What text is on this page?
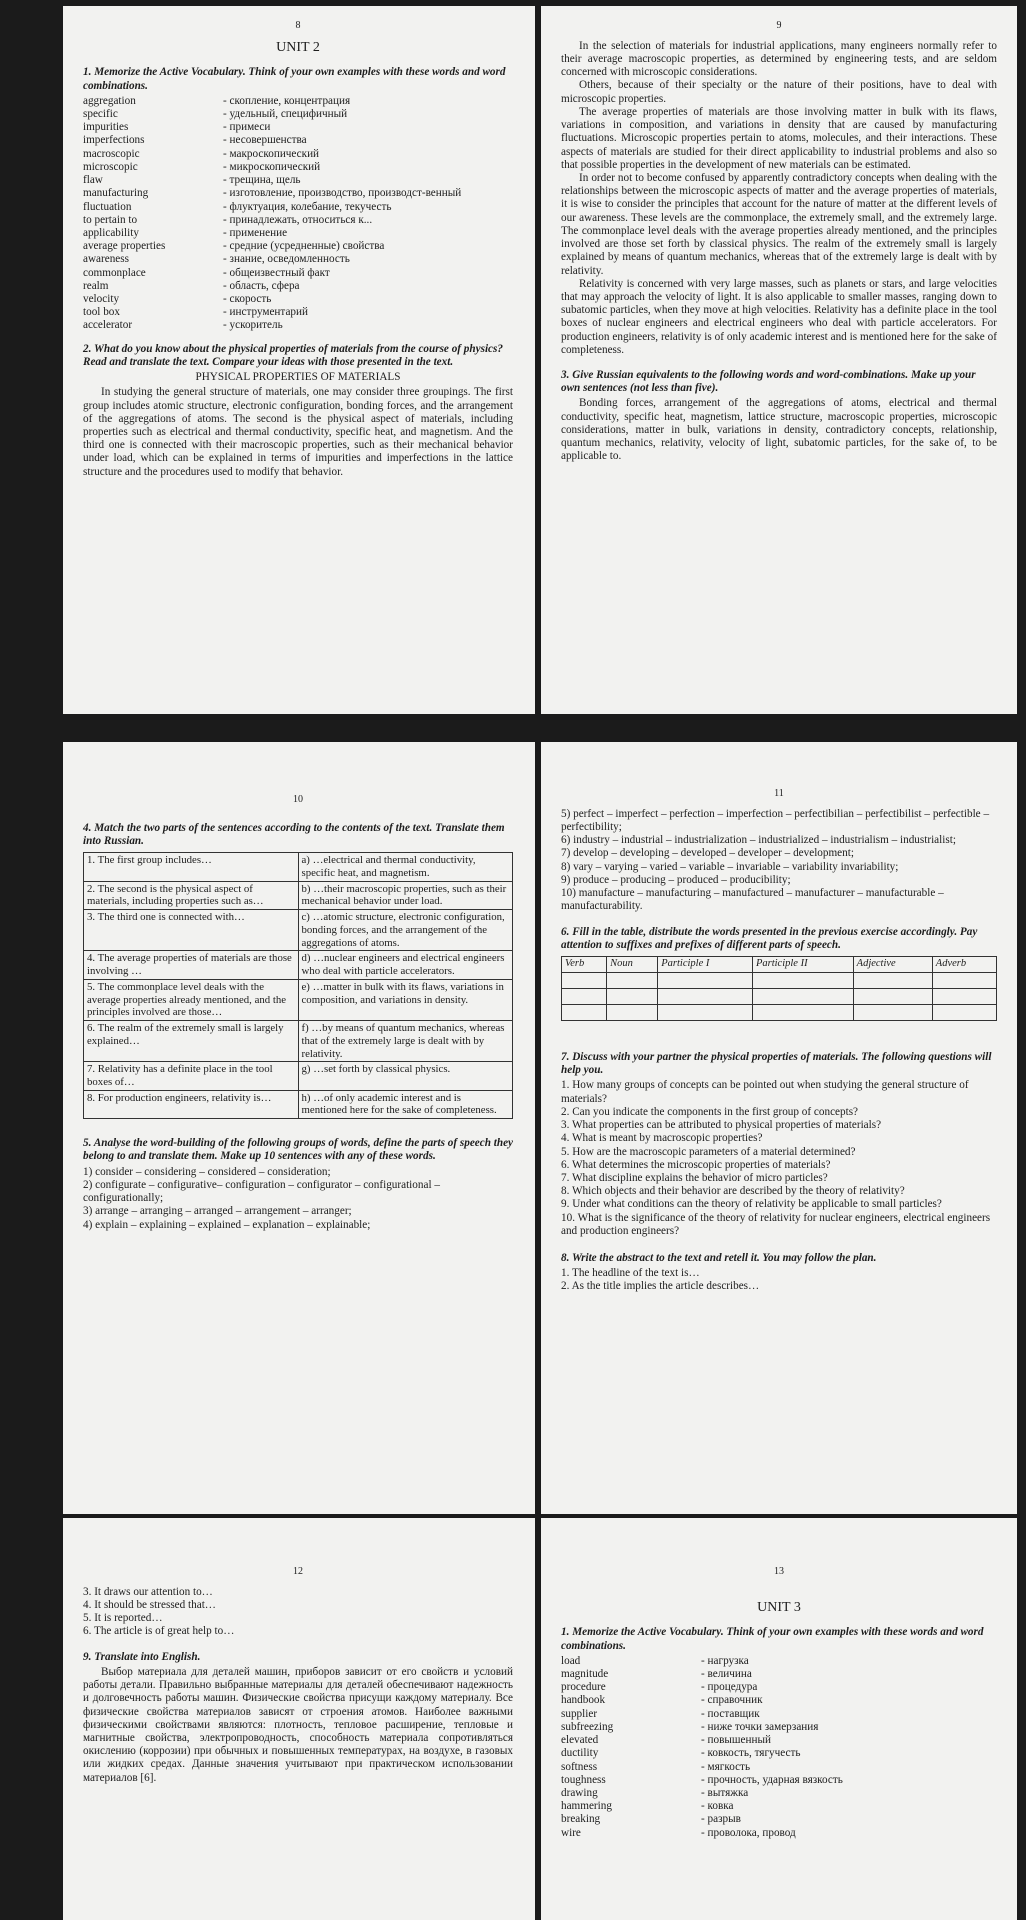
8
UNIT 2
1. Memorize the Active Vocabulary. Think of your own examples with these words and word combinations.
aggregation	- скопление, концентрация
specific	- удельный, специфичный
impurities	- примеси
imperfections	- несовершенства
macroscopic	- макроскопический
microscopic	- микроскопический
flaw	- трещина, щель
manufacturing	- изготовление, производство, производст-венный
fluctuation	- флуктуация, колебание, текучесть
to pertain to	- принадлежать, относиться к...
applicability	- применение
average properties	- средние (усредненные) свойства
awareness	- знание, осведомленность
commonplace	- общеизвестный факт
realm	- область, сфера
velocity	- скорость
tool box	- инструментарий
accelerator	- ускоритель
2. What do you know about the physical properties of materials from the course of physics? Read and translate the text. Compare your ideas with those presented in the text.
PHYSICAL PROPERTIES OF MATERIALS

In studying the general structure of materials, one may consider three groupings. The first group includes atomic structure, electronic configuration, bonding forces, and the arrangement of the aggregations of atoms. The second is the physical aspect of materials, including properties such as electrical and thermal conductivity, specific heat, and magnetism. And the third one is connected with their macroscopic properties, such as their mechanical behavior under load, which can be explained in terms of impurities and imperfections in the lattice structure and the procedures used to modify that behavior.

9

In the selection of materials for industrial applications, many engineers normally refer to their average macroscopic properties, as determined by engineering tests, and are seldom concerned with microscopic considerations.

Others, because of their specialty or the nature of their positions, have to deal with microscopic properties.

The average properties of materials are those involving matter in bulk with its flaws, variations in composition, and variations in density that are caused by manufacturing fluctuations. Microscopic properties pertain to atoms, molecules, and their interactions. These aspects of materials are studied for their direct applicability to industrial problems and also so that possible properties in the development of new materials can be estimated.

In order not to become confused by apparently contradictory concepts when dealing with the relationships between the microscopic aspects of matter and the average properties of materials, it is wise to consider the principles that account for the nature of matter at the different levels of our awareness. These levels are the commonplace, the extremely small, and the extremely large. The commonplace level deals with the average properties already mentioned, and the principles involved are those set forth by classical physics. The realm of the extremely small is largely explained by means of quantum mechanics, whereas that of the extremely large is dealt with by relativity.

Relativity is concerned with very large masses, such as planets or stars, and large velocities that may approach the velocity of light. It is also applicable to smaller masses, ranging down to subatomic particles, when they move at high velocities. Relativity has a definite place in the tool boxes of nuclear engineers and electrical engineers who deal with particle accelerators. For production engineers, relativity is of only academic interest and is mentioned here for the sake of completeness.

3. Give Russian equivalents to the following words and word-combinations. Make up your own sentences (not less than five).

Bonding forces, arrangement of the aggregations of atoms, electrical and thermal conductivity, specific heat, magnetism, lattice structure, macroscopic properties, microscopic considerations, matter in bulk, variations in density, contradictory concepts, relationship, quantum mechanics, relativity, velocity of light, subatomic particles, for the sake of, to be applicable to.

10
4. Match the two parts of the sentences according to the contents of the text. Translate them into Russian.
1. The first group includes…	a) …electrical and thermal conductivity, specific heat, and magnetism.
2. The second is the physical aspect of materials, including properties such as…	b) …their macroscopic properties, such as their mechanical behavior under load.
3. The third one is connected with…	c) …atomic structure, electronic configuration, bonding forces, and the arrangement of the aggregations of atoms.
4. The average properties of materials are those involving …	d) …nuclear engineers and electrical engineers who deal with particle accelerators.
5. The commonplace level deals with the average properties already mentioned, and the principles involved are those…	e) …matter in bulk with its flaws, variations in composition, and variations in density.
6. The realm of the extremely small is largely explained…	f) …by means of quantum mechanics, whereas that of the extremely large is dealt with by relativity.
7. Relativity has a definite place in the tool boxes of…	g) …set forth by classical physics.
8. For production engineers, relativity is…	h) …of only academic interest and is mentioned here for the sake of completeness.
5. Analyse the word-building of the following groups of words, define the parts of speech they belong to and translate them. Make up 10 sentences with any of these words.
1) consider – considering – considered – consideration;
2) configurate – configurative– configuration – configurator – configurational – configurationally;
3) arrange – arranging – arranged – arrangement – arranger;
4) explain – explaining – explained – explanation – explainable;
11
5) perfect – imperfect – perfection – imperfection – perfectibilian – perfectibilist – perfectible – perfectibility;
6) industry – industrial – industrialization – industrialized – industrialism – industrialist;
7) develop – developing – developed – developer – development;
8) vary – varying – varied – variable – invariable – variability invariability;
9) produce – producing – produced – producibility;
10) manufacture – manufacturing – manufactured – manufacturer – manufacturable – manufacturability.
6. Fill in the table, distribute the words presented in the previous exercise accordingly. Pay attention to suffixes and prefixes of different parts of speech.
Verb	Noun	Participle I	Participle II	Adjective	Adverb

7. Discuss with your partner the physical properties of materials. The following questions will help you.
1. How many groups of concepts can be pointed out when studying the general structure of materials?
2. Can you indicate the components in the first group of concepts?
3. What properties can be attributed to physical properties of materials?
4. What is meant by macroscopic properties?
5. How are the macroscopic parameters of a material determined?
6. What determines the microscopic properties of materials?
7. What discipline explains the behavior of micro particles?
8. Which objects and their behavior are described by the theory of relativity?
9. Under what conditions can the theory of relativity be applicable to small particles?
10. What is the significance of the theory of relativity for nuclear engineers, electrical engineers and production engineers?
8. Write the abstract to the text and retell it. You may follow the plan.
1. The headline of the text is…
2. As the title implies the article describes…
12
3. It draws our attention to…
4. It should be stressed that…
5. It is reported…
6. The article is of great help to…
9. Translate into English.

Выбор материала для деталей машин, приборов зависит от его свойств и условий работы детали. Правильно выбранные материалы для деталей обеспечивают надежность и долговечность работы машин. Физические свойства присущи каждому материалу. Все физические свойства материалов зависят от строения атомов. Наиболее важными физическими свойствами являются: плотность, тепловое расширение, тепловые и магнитные свойства, электропроводность, способность материала сопротивляться окислению (коррозии) при обычных и повышенных температурах, на воздухе, в газовых или жидких средах. Данные значения учитывают при практическом использовании материалов [6].

13
UNIT 3
1. Memorize the Active Vocabulary. Think of your own examples with these words and word combinations.
load	- нагрузка
magnitude	- величина
procedure	- процедура
handbook	- справочник
supplier	- поставщик
subfreezing	- ниже точки замерзания
elevated	- повышенный
ductility	- ковкость, тягучесть
softness	- мягкость
toughness	- прочность, ударная вязкость
drawing	- вытяжка
hammering	- ковка
breaking	- разрыв
wire	- проволока, провод
